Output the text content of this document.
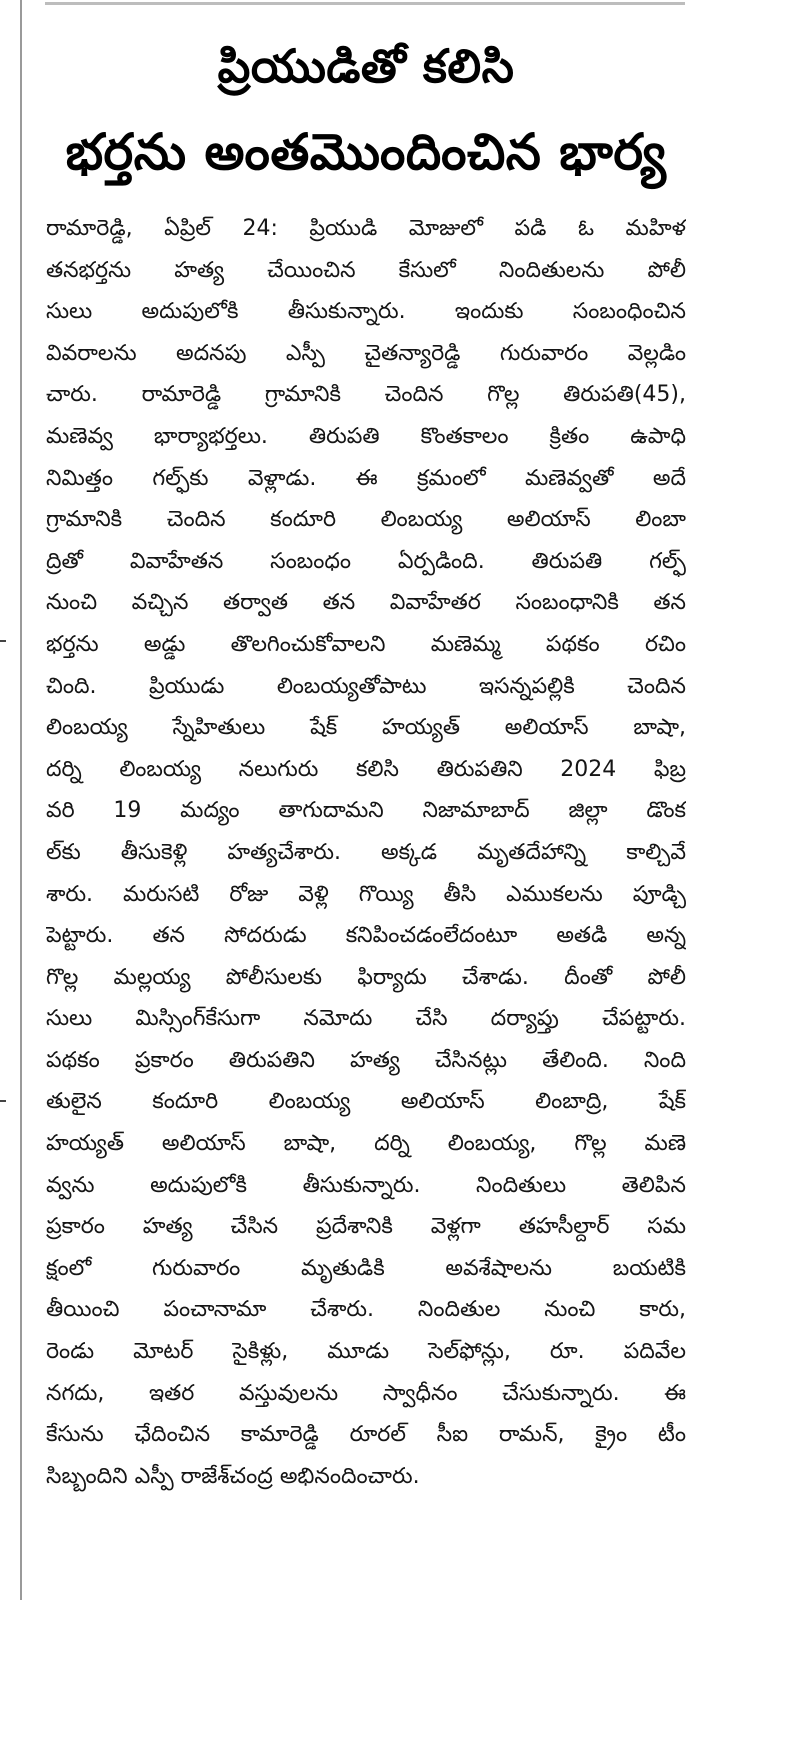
ప్రియుడితో కలిసి
భర్తను అంతమొందించిన భార్య
రామారెడ్డి, ఏప్రిల్ 24: ప్రియుడి మోజులో పడి ఓ మహిళ
తనభర్తను హత్య చేయించిన కేసులో నిందితులను పోలీ
సులు అదుపులోకి తీసుకున్నారు. ఇందుకు సంబంధించిన
వివరాలను అదనపు ఎస్పీ చైతన్యారెడ్డి గురువారం వెల్లడిం
చారు. రామారెడ్డి గ్రామానికి చెందిన గొల్ల తిరుపతి(45),
మణెవ్వ భార్యాభర్తలు. తిరుపతి కొంతకాలం క్రితం ఉపాధి
నిమిత్తం గల్ఫ్‌కు వెళ్లాడు. ఈ క్రమంలో మణెవ్వతో అదే
గ్రామానికి చెందిన కందూరి లింబయ్య అలియాస్ లింబా
ద్రితో వివాహేతన సంబంధం ఏర్పడింది. తిరుపతి గల్ఫ్
నుంచి వచ్చిన తర్వాత తన వివాహేతర సంబంధానికి తన
భర్తను అడ్డు తొలగించుకోవాలని మణెమ్మ పథకం రచిం
చింది. ప్రియుడు లింబయ్యతోపాటు ఇసన్నపల్లికి చెందిన
లింబయ్య స్నేహితులు షేక్ హయ్యత్ అలియాస్ బాషా,
దర్ని లింబయ్య నలుగురు కలిసి తిరుపతిని 2024 ఫిబ్ర
వరి 19 మద్యం తాగుదామని నిజామాబాద్ జిల్లా డొంక
ల్‌కు తీసుకెళ్లి హత్యచేశారు. అక్కడ మృతదేహాన్ని కాల్చివే
శారు. మరుసటి రోజు వెళ్లి గొయ్యి తీసి ఎముకలను పూడ్చి
పెట్టారు. తన సోదరుడు కనిపించడంలేదంటూ అతడి అన్న
గొల్ల మల్లయ్య పోలీసులకు ఫిర్యాదు చేశాడు. దీంతో పోలీ
సులు మిస్సింగ్‌కేసుగా నమోదు చేసి దర్యాప్తు చేపట్టారు.
పథకం ప్రకారం తిరుపతిని హత్య చేసినట్లు తేలింది. నింది
తులైన కందూరి లింబయ్య అలియాస్ లింబాద్రి, షేక్
హయ్యత్ అలియాస్ బాషా, దర్ని లింబయ్య, గొల్ల మణె
వ్వను అదుపులోకి తీసుకున్నారు. నిందితులు తెలిపిన
ప్రకారం హత్య చేసిన ప్రదేశానికి వెళ్లగా తహసీల్దార్ సమ
క్షంలో గురువారం మృతుడికి అవశేషాలను బయటికి
తీయించి పంచానామా చేశారు. నిందితుల నుంచి కారు,
రెండు మోటర్ సైకిళ్లు, మూడు సెల్‌ఫోన్లు, రూ. పదివేల
నగదు, ఇతర వస్తువులను స్వాధీనం చేసుకున్నారు. ఈ
కేసును ఛేదించిన కామారెడ్డి రూరల్ సీఐ రామన్, క్రైం టీం
సిబ్బందిని ఎస్పీ రాజేశ్‌చంద్ర అభినందించారు.
